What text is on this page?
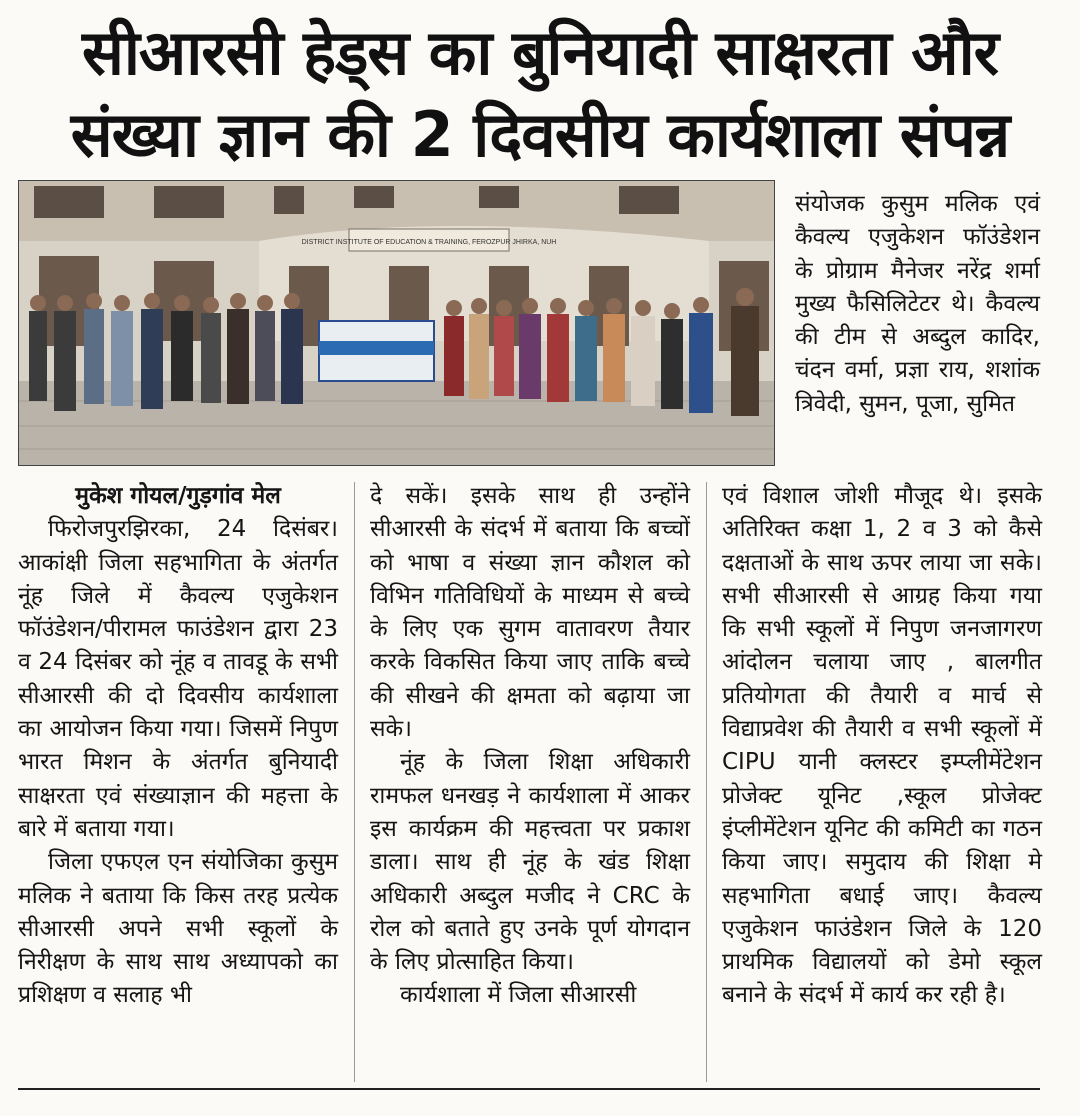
सीआरसी हेड्स का बुनियादी साक्षरता और
संख्या ज्ञान की 2 दिवसीय कार्यशाला संपन्न
DISTRICT INSTITUTE OF EDUCATION & TRAINING, FEROZPUR JHIRKA, NUH

संयोजक कुसुम मलिक एवं कैवल्य एजुकेशन फॉउंडेशन के प्रोग्राम मैनेजर नरेंद्र शर्मा मुख्य फैसिलिटेटर थे। कैवल्य की टीम से अब्दुल कादिर, चंदन वर्मा, प्रज्ञा राय, शशांक त्रिवेदी, सुमन, पूजा, सुमित

मुकेश गोयल/गुड़गांव मेल

फिरोजपुरझिरका, 24 दिसंबर। आकांक्षी जिला सहभागिता के अंतर्गत नूंह जिले में कैवल्य एजुकेशन फॉउंडेशन/पीरामल फाउंडेशन द्वारा 23 व 24 दिसंबर को नूंह व तावडू के सभी सीआरसी की दो दिवसीय कार्यशाला का आयोजन किया गया। जिसमें निपुण भारत मिशन के अंतर्गत बुनियादी साक्षरता एवं संख्याज्ञान की महत्ता के बारे में बताया गया।

जिला एफएल एन संयोजिका कुसुम मलिक ने बताया कि किस तरह प्रत्येक सीआरसी अपने सभी स्कूलों के निरीक्षण के साथ साथ अध्यापको का प्रशिक्षण व सलाह भी

दे सकें। इसके साथ ही उन्होंने सीआरसी के संदर्भ में बताया कि बच्चों को भाषा व संख्या ज्ञान कौशल को विभिन गतिविधियों के माध्यम से बच्चे के लिए एक सुगम वातावरण तैयार करके विकसित किया जाए ताकि बच्चे की सीखने की क्षमता को बढ़ाया जा सके।

नूंह के जिला शिक्षा अधिकारी रामफल धनखड़ ने कार्यशाला में आकर इस कार्यक्रम की महत्त्वता पर प्रकाश डाला। साथ ही नूंह के खंड शिक्षा अधिकारी अब्दुल मजीद ने CRC के रोल को बताते हुए उनके पूर्ण योगदान के लिए प्रोत्साहित किया।

कार्यशाला में जिला सीआरसी

एवं विशाल जोशी मौजूद थे। इसके अतिरिक्त कक्षा 1, 2 व 3 को कैसे दक्षताओं के साथ ऊपर लाया जा सके। सभी सीआरसी से आग्रह किया गया कि सभी स्कूलों में निपुण जनजागरण आंदोलन चलाया जाए , बालगीत प्रतियोगता की तैयारी व मार्च से विद्याप्रवेश की तैयारी व सभी स्कूलों में CIPU यानी क्लस्टर इम्प्लीमेंटेशन प्रोजेक्ट यूनिट ,स्कूल प्रोजेक्ट इंप्लीमेंटेशन यूनिट की कमिटी का गठन किया जाए। समुदाय की शिक्षा मे सहभागिता बधाई जाए। कैवल्य एजुकेशन फाउंडेशन जिले के 120 प्राथमिक विद्यालयों को डेमो स्कूल बनाने के संदर्भ में कार्य कर रही है।
